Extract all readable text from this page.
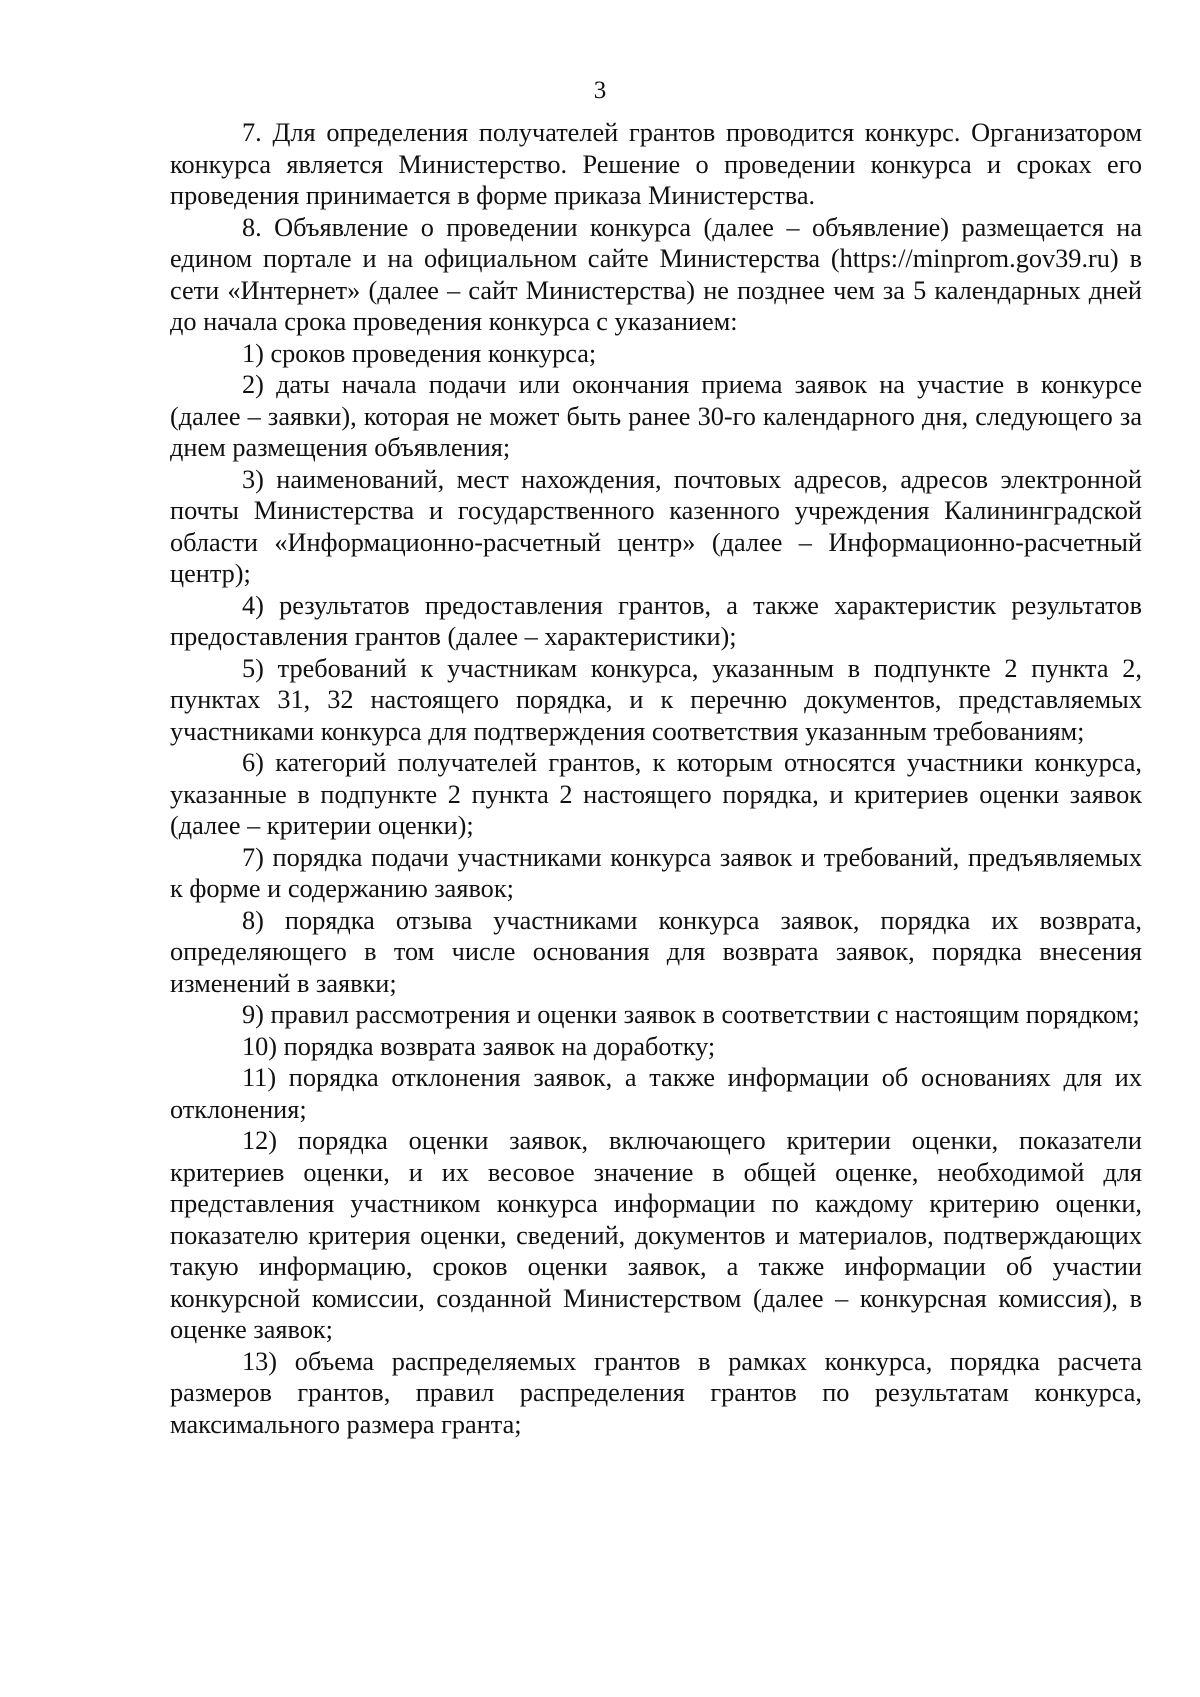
3

7. Для определения получателей грантов проводится конкурс. Организатором конкурса является Министерство. Решение о проведении конкурса и сроках его проведения принимается в форме приказа Министерства.

8. Объявление о проведении конкурса (далее – объявление) размещается на едином портале и на официальном сайте Министерства (https://minprom.gov39.ru) в сети «Интернет» (далее – сайт Министерства) не позднее чем за 5 календарных дней до начала срока проведения конкурса с указанием:

1) сроков проведения конкурса;

2) даты начала подачи или окончания приема заявок на участие в конкурсе (далее – заявки), которая не может быть ранее 30-го календарного дня, следующего за днем размещения объявления;

3) наименований, мест нахождения, почтовых адресов, адресов электронной почты Министерства и государственного казенного учреждения Калининградской области «Информационно-расчетный центр» (далее – Информационно-расчетный центр);

4) результатов предоставления грантов, а также характеристик результатов предоставления грантов (далее – характеристики);

5) требований к участникам конкурса, указанным в подпункте 2 пункта 2, пунктах 31, 32 настоящего порядка, и к перечню документов, представляемых участниками конкурса для подтверждения соответствия указанным требованиям;

6) категорий получателей грантов, к которым относятся участники конкурса, указанные в подпункте 2 пункта 2 настоящего порядка, и критериев оценки заявок (далее – критерии оценки);

7) порядка подачи участниками конкурса заявок и требований, предъявляемых к форме и содержанию заявок;

8) порядка отзыва участниками конкурса заявок, порядка их возврата, определяющего в том числе основания для возврата заявок, порядка внесения изменений в заявки;

9) правил рассмотрения и оценки заявок в соответствии с настоящим порядком;

10) порядка возврата заявок на доработку;

11) порядка отклонения заявок, а также информации об основаниях для их отклонения;

12) порядка оценки заявок, включающего критерии оценки, показатели критериев оценки, и их весовое значение в общей оценке, необходимой для представления участником конкурса информации по каждому критерию оценки, показателю критерия оценки, сведений, документов и материалов, подтверждающих такую информацию, сроков оценки заявок, а также информации об участии конкурсной комиссии, созданной Министерством (далее – конкурсная комиссия), в оценке заявок;

13) объема распределяемых грантов в рамках конкурса, порядка расчета размеров грантов, правил распределения грантов по результатам конкурса, максимального размера гранта;
